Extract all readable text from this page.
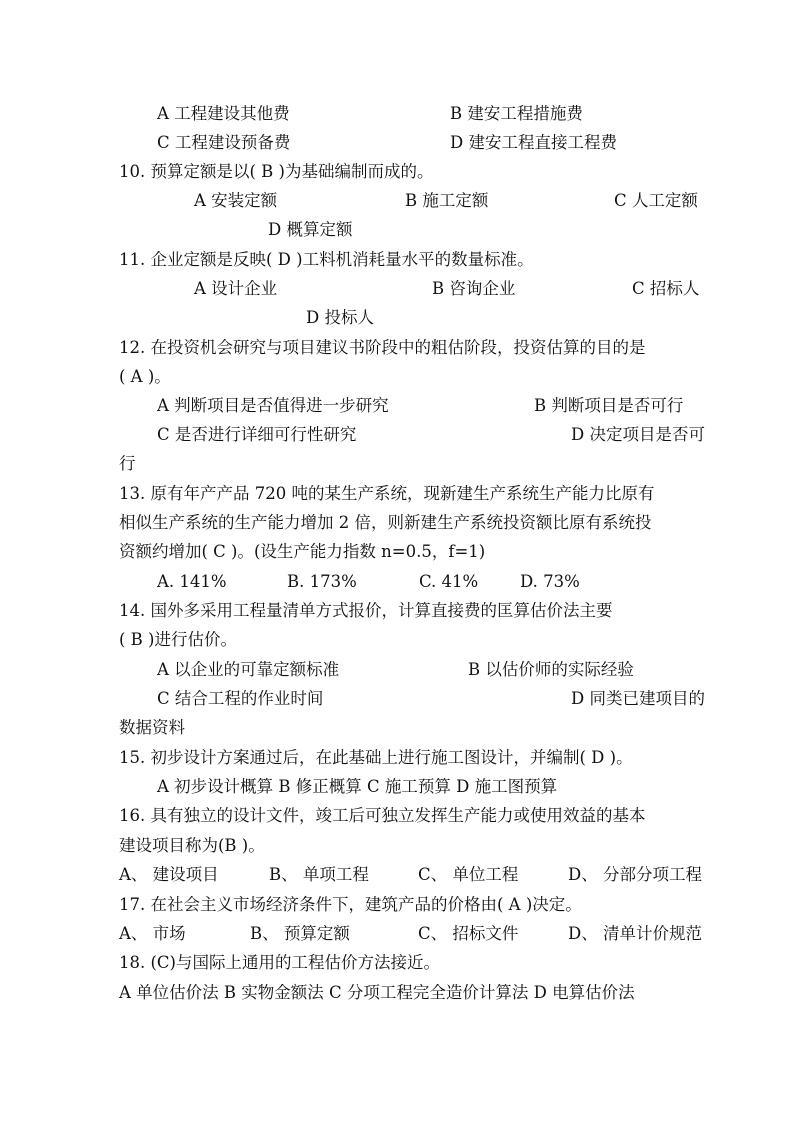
A 工程建设其他费	B 建安工程措施费
C 工程建设预备费	D 建安工程直接工程费
10. 预算定额是以( B )为基础编制而成的。
A 安装定额	B 施工定额	C 人工定额
D 概算定额
11. 企业定额是反映( D )工料机消耗量水平的数量标准。
A 设计企业	B 咨询企业	C 招标人
D 投标人
12. 在投资机会研究与项目建议书阶段中的粗估阶段，投资估算的目的是
( A )。
A 判断项目是否值得进一步研究	B 判断项目是否可行
C 是否进行详细可行性研究	D 决定项目是否可
行
13. 原有年产产品 720 吨的某生产系统，现新建生产系统生产能力比原有
相似生产系统的生产能力增加 2 倍，则新建生产系统投资额比原有系统投
资额约增加( C )。(设生产能力指数 n=0.5，f=1)
A. 141%	B. 173%	C. 41%	D. 73%
14. 国外多采用工程量清单方式报价，计算直接费的匡算估价法主要
( B )进行估价。
A 以企业的可靠定额标准	B 以估价师的实际经验
C 结合工程的作业时间	D 同类已建项目的
数据资料
15. 初步设计方案通过后，在此基础上进行施工图设计，并编制( D )。
A 初步设计概算 B 修正概算 C 施工预算 D 施工图预算
16. 具有独立的设计文件，竣工后可独立发挥生产能力或使用效益的基本
建设项目称为(B )。
A、 建设项目	B、 单项工程	C、 单位工程	D、 分部分项工程
17. 在社会主义市场经济条件下，建筑产品的价格由( A )决定。
A、 市场	B、 预算定额	C、 招标文件	D、 清单计价规范
18. (C)与国际上通用的工程估价方法接近。
A 单位估价法 B 实物金额法 C 分项工程完全造价计算法 D 电算估价法
